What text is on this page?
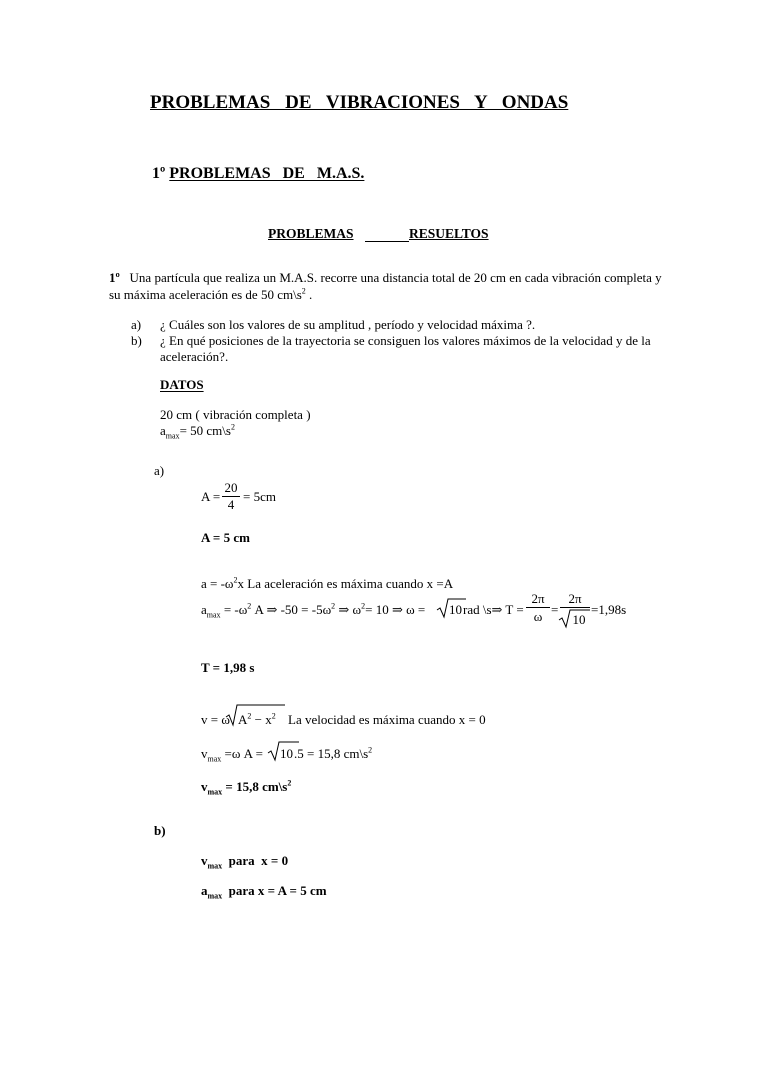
PROBLEMAS DE VIBRACIONES Y ONDAS
1º PROBLEMAS DE M.A.S.
PROBLEMAS	RESUELTOS
1º Una partícula que realiza un M.A.S. recorre una distancia total de 20 cm en cada vibración completa y
su máxima aceleración es de 50 $cm\backslash s^2$ .
a) ¿ Cuáles son los valores de su amplitud , período y velocidad máxima ?.
b) ¿ En qué posiciones de la trayectoria se consiguen los valores máximos de la velocidad y de la
aceleración?.
DATOS
20 cm ( vibración completa )
$a_{max}= 50$ $cm\backslash s^2$
a)
A =
20
4
= 5cm
A = 5 cm
$a = -\omega^2x$ La aceleración es máxima cuando x =A
$a_{max} = -\omega^2$ A ⇒ $-50 = -5\omega^2$ ⇒ $\omega^2= 10$ ⇒ ω = 10 rad \s⇒ T =
2π
ω =
2π
10
=1,98s
T = 1,98 s
v = ω $A^2 - x^2$ La velocidad es máxima cuando x = 0
$v_{max} =\omega$ A = 10 .5 = 15,8 $cm\backslash s^2$
$v_{max} = 15,8$ $cm\backslash s^2$
b)
$v_{max}$  para  x = 0
$a_{max}$  para x = A = 5 cm
